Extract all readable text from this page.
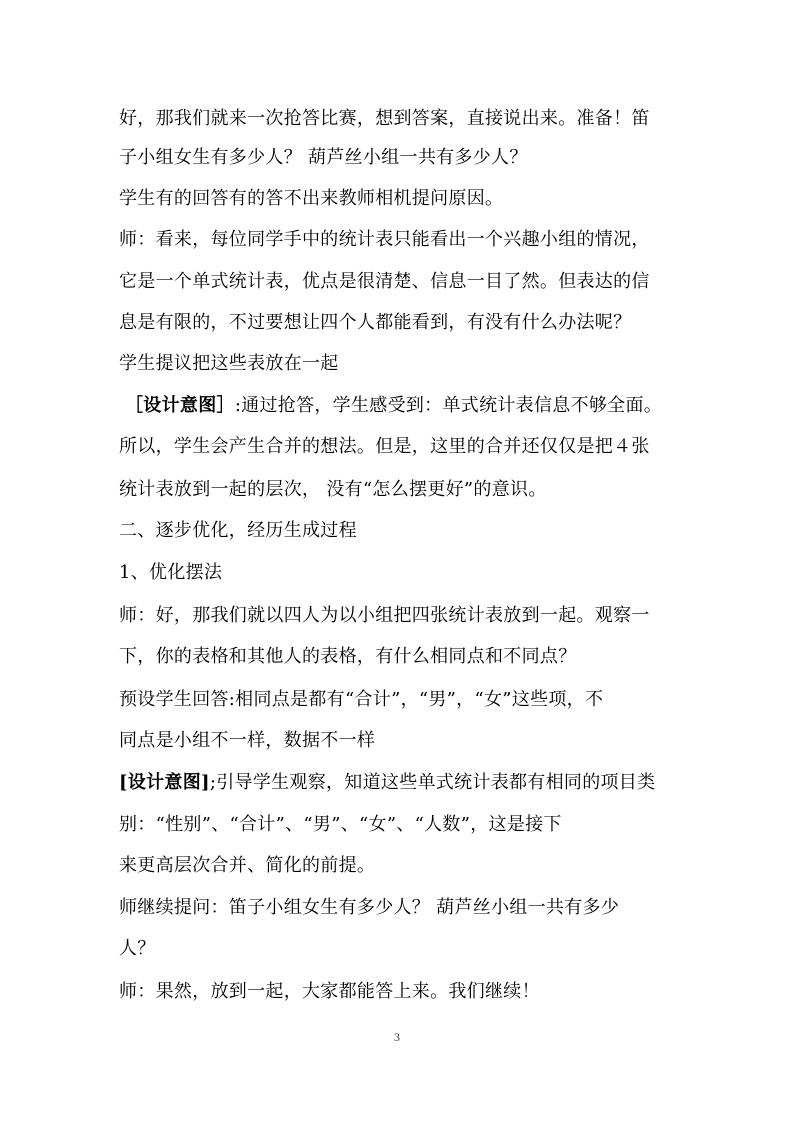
好，那我们就来一次抢答比赛，想到答案，直接说出来。准备！笛
子小组女生有多少人？ 葫芦丝小组一共有多少人？
学生有的回答有的答不出来教师相机提问原因。
师：看来，每位同学手中的统计表只能看出一个兴趣小组的情况，
它是一个单式统计表，优点是很清楚、信息一目了然。但表达的信
息是有限的，不过要想让四个人都能看到，有没有什么办法呢？
学生提议把这些表放在一起
［设计意图］:通过抢答，学生感受到：单式统计表信息不够全面。
所以，学生会产生合并的想法。但是，这里的合并还仅仅是把４张
统计表放到一起的层次， 没有“怎么摆更好”的意识。
二、逐步优化，经历生成过程
1、优化摆法
师：好，那我们就以四人为以小组把四张统计表放到一起。观察一
下，你的表格和其他人的表格，有什么相同点和不同点？
预设学生回答:相同点是都有“合计”，“男”，“女”这些项，不
同点是小组不一样，数据不一样
[设计意图];引导学生观察，知道这些单式统计表都有相同的项目类
别：“性别”、“合计”、“男”、“女”、“人数”，这是接下
来更高层次合并、简化的前提。
师继续提问：笛子小组女生有多少人？ 葫芦丝小组一共有多少
人？
师：果然，放到一起，大家都能答上来。我们继续！
3
